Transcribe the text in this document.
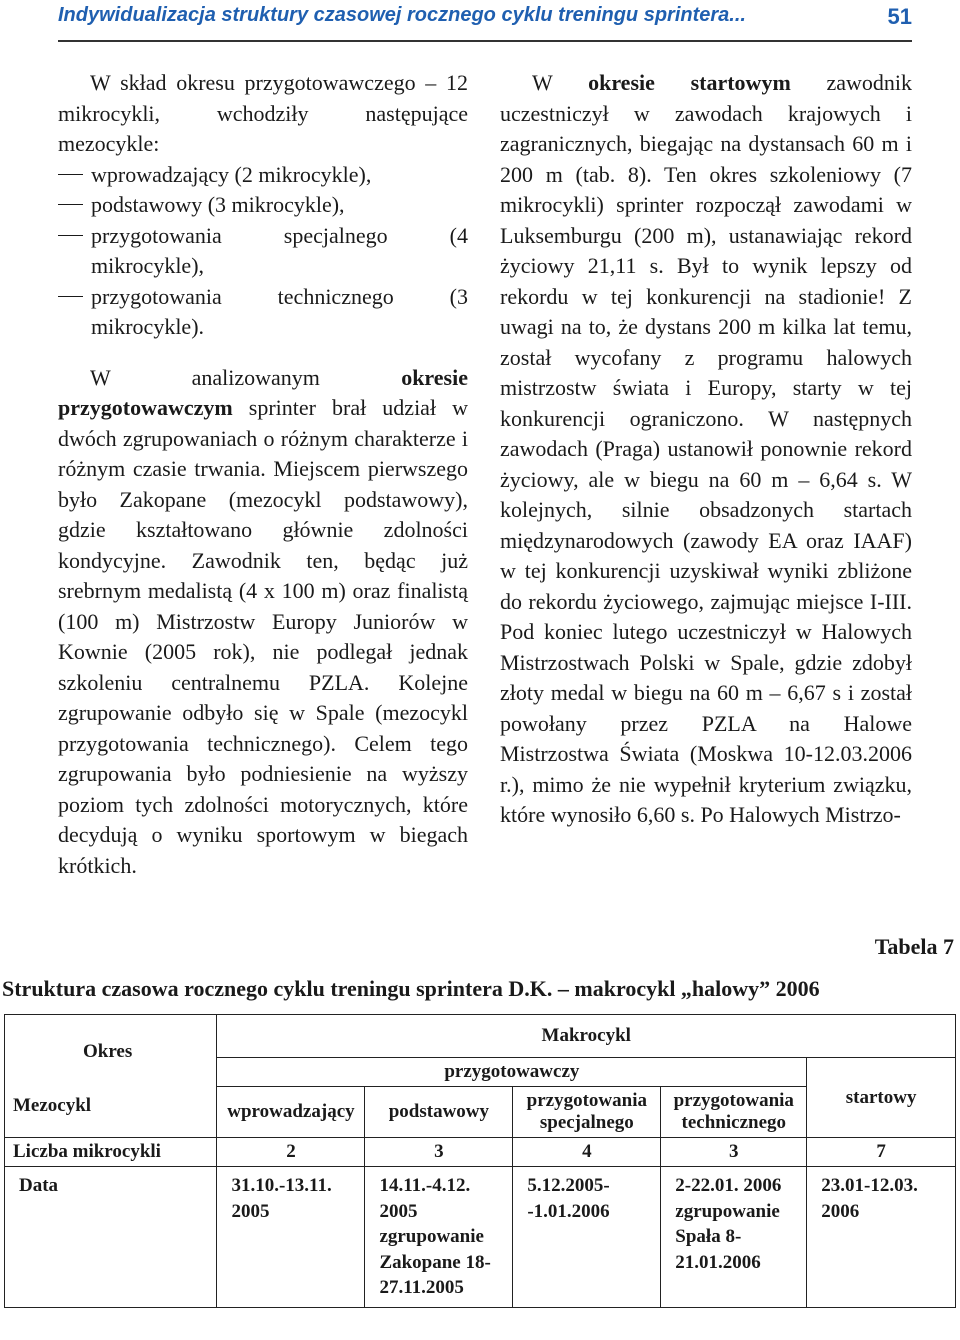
Indywidualizacja struktury czasowej rocznego cyklu treningu sprintera...	51

W skład okresu przygotowawczego – 12 mikrocykli, wchodziły następujące mezocykle:

wprowadzający (2 mikrocykle),

podstawowy (3 mikrocykle),

przygotowania specjalnego (4 mikrocykle),

przygotowania technicznego (3 mikrocykle).

W analizowanym	okresie przygotowawczym sprinter brał udział w dwóch zgrupowaniach o różnym charakterze i różnym czasie trwania. Miejscem pierwszego było Zakopane (mezocykl podstawowy), gdzie kształtowano głównie zdolności kondycyjne. Zawodnik ten, będąc już srebrnym medalistą (4 x 100 m) oraz finalistą (100 m) Mistrzostw Europy Juniorów w Kownie (2005 rok), nie podlegał jednak szkoleniu centralnemu PZLA. Kolejne zgrupowanie odbyło się w Spale (mezocykl przygotowania technicznego). Celem tego zgrupowania było podniesienie na wyższy poziom tych zdolności motorycznych, które decydują o wyniku sportowym w biegach krótkich.

W okresie startowym zawodnik uczestniczył w zawodach krajowych i zagranicznych, biegając na dystansach 60 m i 200 m (tab. 8). Ten okres szkoleniowy (7 mikrocykli) sprinter rozpoczął zawodami w Luksemburgu (200 m), ustanawiając rekord życiowy 21,11 s. Był to wynik lepszy od rekordu w tej konkurencji na stadionie! Z uwagi na to, że dystans 200 m kilka lat temu, został wycofany z programu halowych mistrzostw świata i Europy, starty w tej konkurencji ograniczono. W następnych zawodach (Praga) ustanowił ponownie rekord życiowy, ale w biegu na 60 m – 6,64 s. W kolejnych, silnie obsadzonych startach międzynarodowych (zawody EA oraz IAAF) w tej konkurencji uzyskiwał wyniki zbliżone do rekordu życiowego, zajmując miejsce I-III. Pod koniec lutego uczestniczył w Halowych Mistrzostwach Polski w Spale, gdzie zdobył złoty medal w biegu na 60 m – 6,67 s i został powołany przez PZLA na Halowe Mistrzostwa Świata (Moskwa 10-12.03.2006 r.), mimo że nie wypełnił kryterium związku, które wynosiło 6,60 s. Po Halowych Mistrzo-

Tabela 7
Struktura czasowa rocznego cyklu treningu sprintera D.K. – makrocykl „halowy” 2006
Okres
Mezocykl	Makrocykl				
	przygotowawczy				startowy
	wprowadzający	podstawowy	przygotowania specjalnego	przygotowania technicznego	
Liczba mikrocykli	2	3	4	3	7
Data	31.10.-13.11. 2005	14.11.-4.12. 2005 zgrupowanie Zakopane 18-27.11.2005	5.12.2005- -1.01.2006	2-22.01. 2006 zgrupowanie Spała 8-21.01.2006	23.01-12.03. 2006
